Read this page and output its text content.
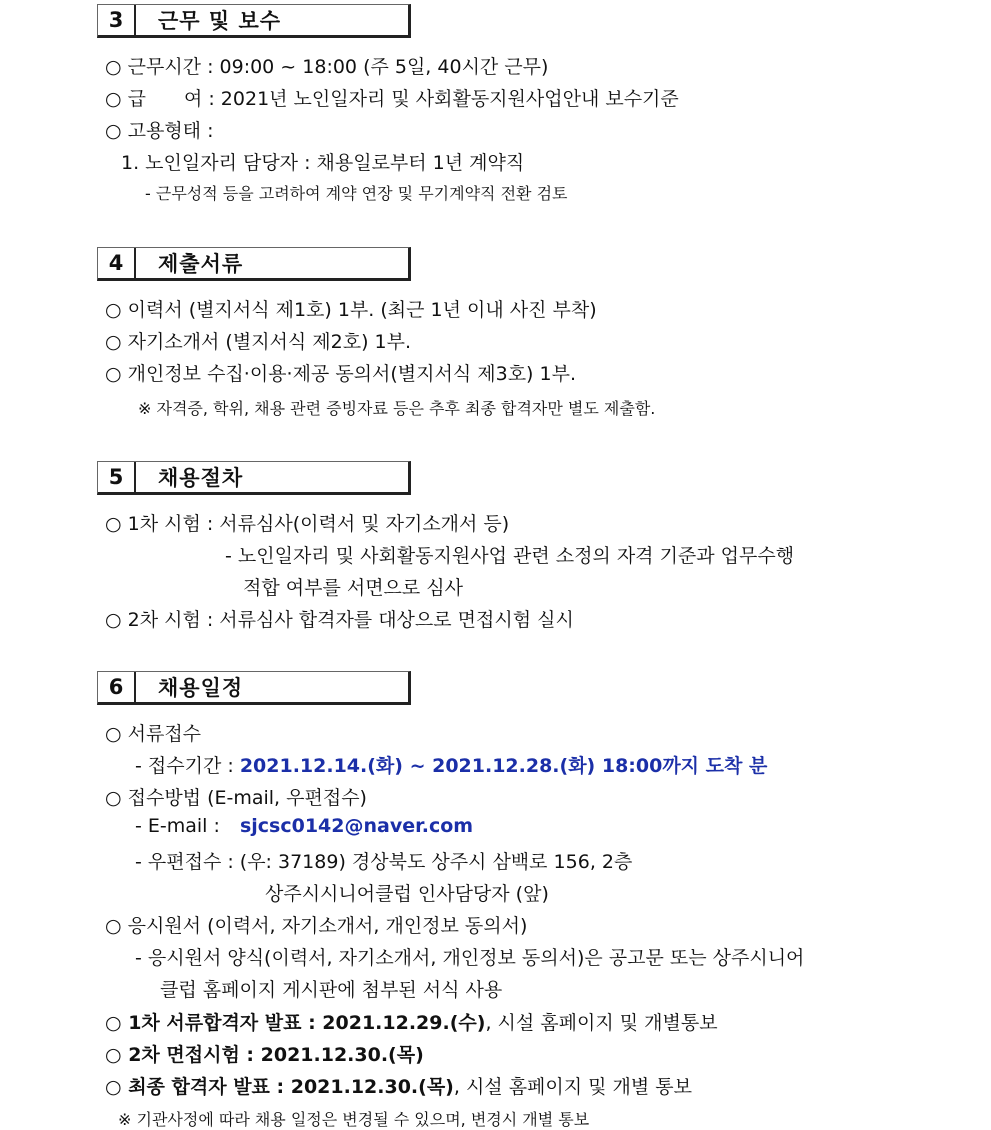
3	근무 및 보수
○ 근무시간 : 09:00 ~ 18:00 (주 5일, 40시간 근무)
○ 급　　여 : 2021년 노인일자리 및 사회활동지원사업안내 보수기준
○ 고용형태 :
1. 노인일자리 담당자 : 채용일로부터 1년 계약직
- 근무성적 등을 고려하여 계약 연장 및 무기계약직 전환 검토
4	제출서류
○ 이력서 (별지서식 제1호) 1부. (최근 1년 이내 사진 부착)
○ 자기소개서 (별지서식 제2호) 1부.
○ 개인정보 수집·이용·제공 동의서(별지서식 제3호) 1부.
※ 자격증, 학위, 채용 관련 증빙자료 등은 추후 최종 합격자만 별도 제출함.
5	채용절차
○ 1차 시험 : 서류심사(이력서 및 자기소개서 등)
- 노인일자리 및 사회활동지원사업 관련 소정의 자격 기준과 업무수행
적합 여부를 서면으로 심사
○ 2차 시험 : 서류심사 합격자를 대상으로 면접시험 실시
6	채용일정
○ 서류접수
- 접수기간 : 2021.12.14.(화) ~ 2021.12.28.(화) 18:00까지 도착 분
○ 접수방법 (E-mail, 우편접수)
- E-mail : sjcsc0142@naver.com
- 우편접수 : (우: 37189) 경상북도 상주시 삼백로 156, 2층
상주시시니어클럽 인사담당자 (앞)
○ 응시원서 (이력서, 자기소개서, 개인정보 동의서)
- 응시원서 양식(이력서, 자기소개서, 개인정보 동의서)은 공고문 또는 상주시니어
클럽 홈페이지 게시판에 첨부된 서식 사용
○ 1차 서류합격자 발표 : 2021.12.29.(수), 시설 홈페이지 및 개별통보
○ 2차 면접시험 : 2021.12.30.(목)
○ 최종 합격자 발표 : 2021.12.30.(목), 시설 홈페이지 및 개별 통보
※ 기관사정에 따라 채용 일정은 변경될 수 있으며, 변경시 개별 통보
